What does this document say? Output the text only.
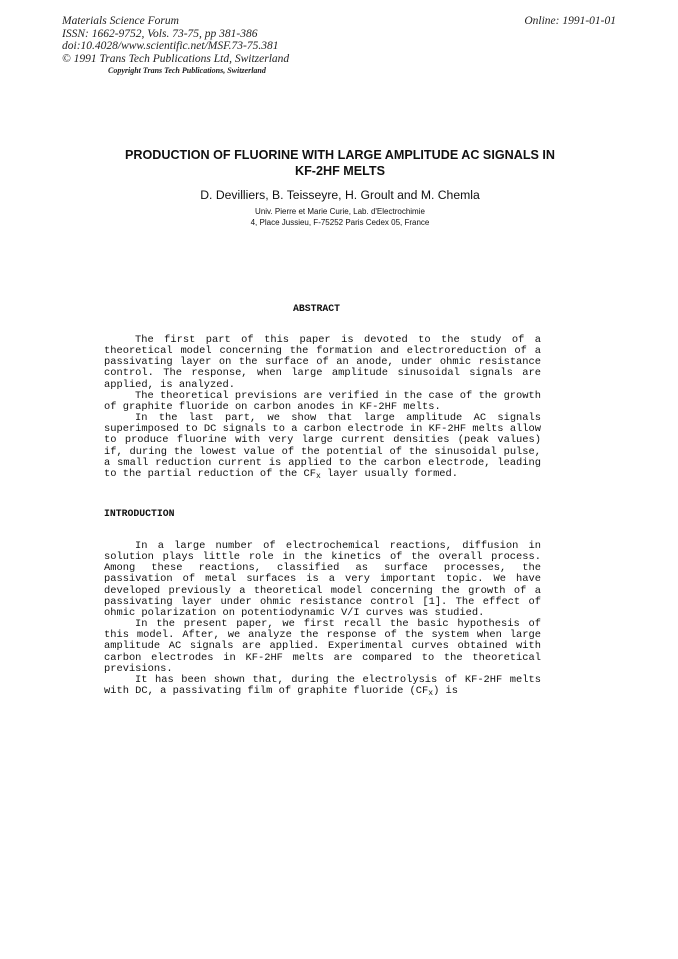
Materials Science Forum
ISSN: 1662-9752, Vols. 73-75, pp 381-386
doi:10.4028/www.scientific.net/MSF.73-75.381
© 1991 Trans Tech Publications Ltd, Switzerland
Online: 1991-01-01
Copyright Trans Tech Publications, Switzerland
PRODUCTION OF FLUORINE WITH LARGE AMPLITUDE AC SIGNALS IN
KF-2HF MELTS
D. Devilliers, B. Teisseyre, H. Groult and M. Chemla
Univ. Pierre et Marie Curie, Lab. d'Electrochimie
4, Place Jussieu, F-75252 Paris Cedex 05, France
ABSTRACT

The first part of this paper is devoted to the study of a theoretical model concerning the formation and electroreduction of a passivating layer on the surface of an anode, under ohmic resistance control. The response, when large amplitude sinusoidal signals are applied, is analyzed.

The theoretical previsions are verified in the case of the growth of graphite fluoride on carbon anodes in KF-2HF melts.

In the last part, we show that large amplitude AC signals superimposed to DC signals to a carbon electrode in KF-2HF melts allow to produce fluorine with very large current densities (peak values) if, during the lowest value of the potential of the sinusoidal pulse, a small reduction current is applied to the carbon electrode, leading to the partial reduction of the $CF_x$ layer usually formed.

INTRODUCTION

In a large number of electrochemical reactions, diffusion in solution plays little role in the kinetics of the overall process. Among these reactions, classified as surface processes, the passivation of metal surfaces is a very important topic. We have developed previously a theoretical model concerning the growth of a passivating layer under ohmic resistance control [1]. The effect of ohmic polarization on potentiodynamic V/I curves was studied.

In the present paper, we first recall the basic hypothesis of this model. After, we analyze the response of the system when large amplitude AC signals are applied. Experimental curves obtained with carbon electrodes in KF-2HF melts are compared to the theoretical previsions.

It has been shown that, during the electrolysis of KF-2HF melts with DC, a passivating film of graphite fluoride $(CF_x)$ is
